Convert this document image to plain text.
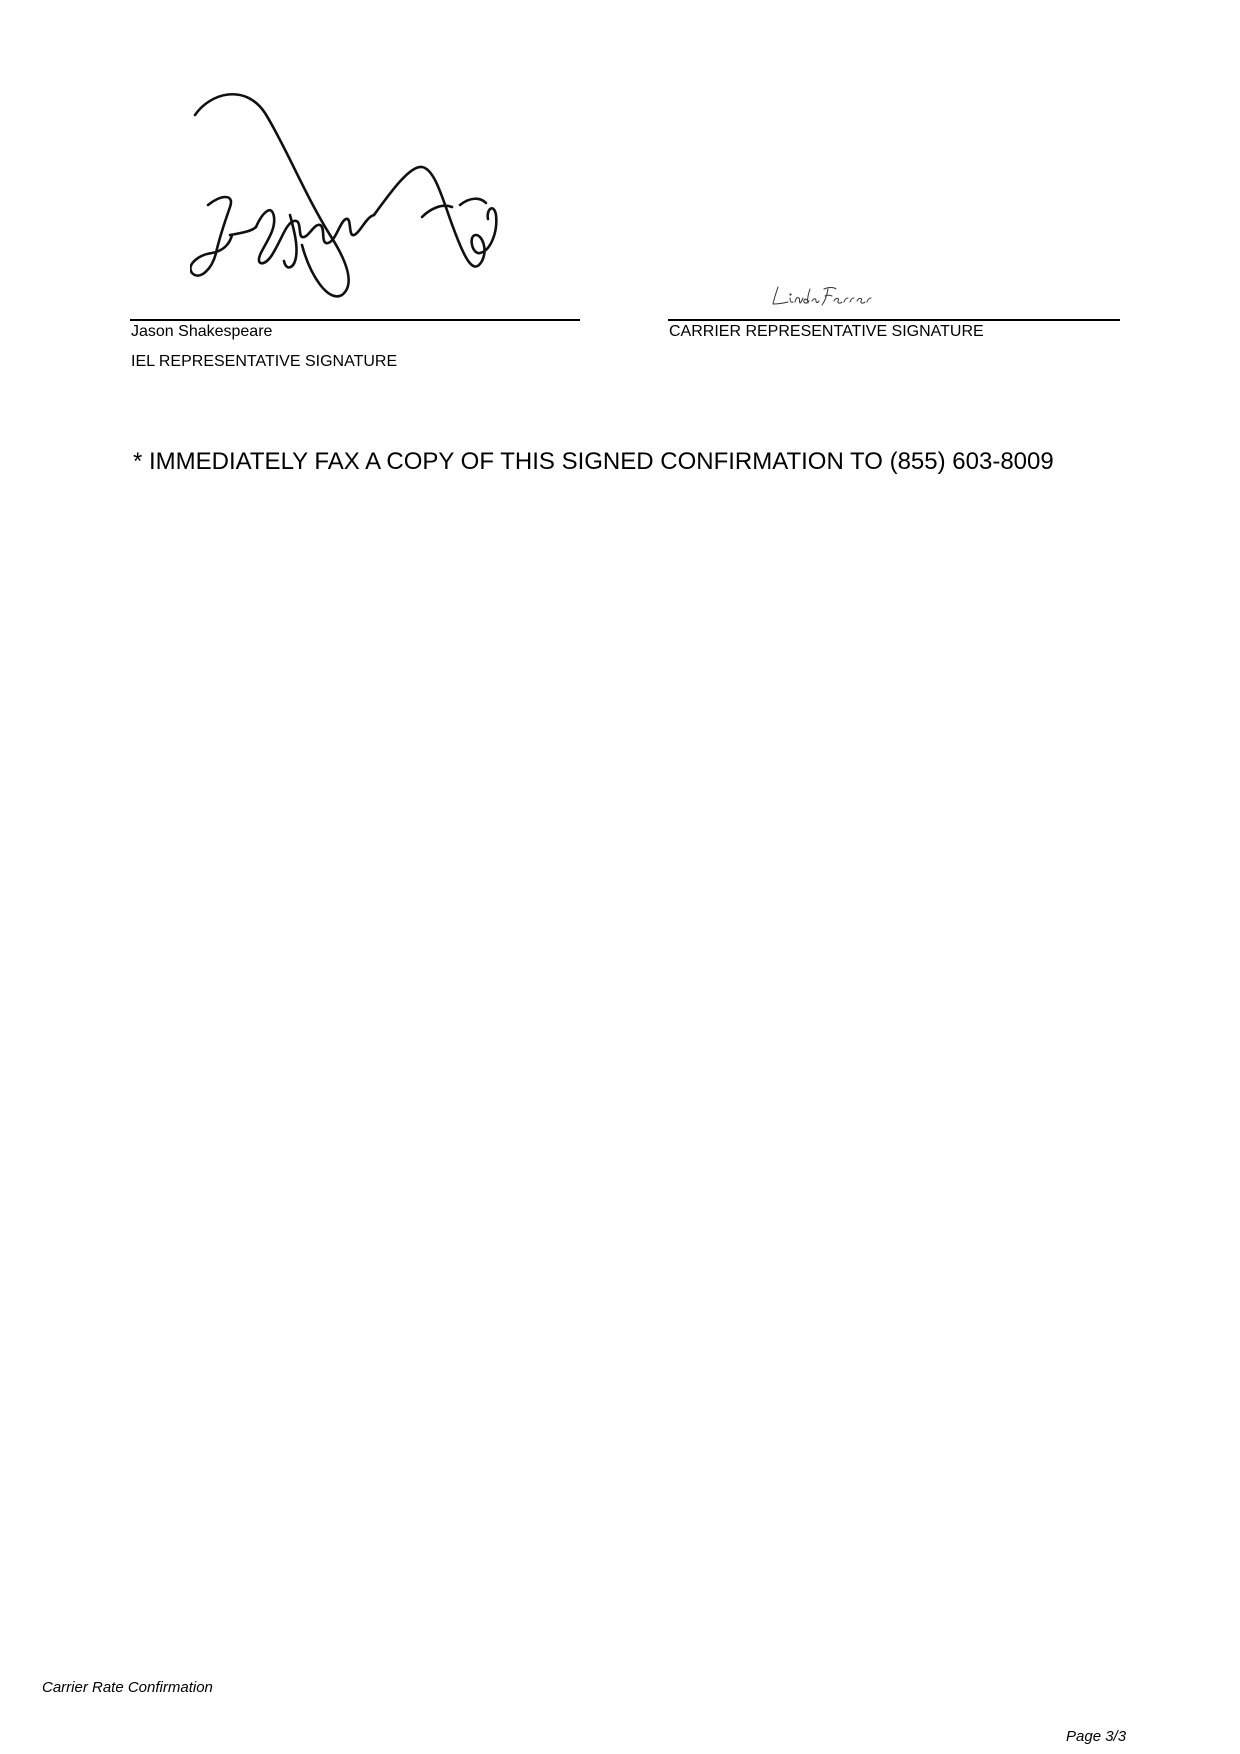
Jason Shakespeare
IEL REPRESENTATIVE SIGNATURE
CARRIER REPRESENTATIVE SIGNATURE
* IMMEDIATELY FAX A COPY OF THIS SIGNED CONFIRMATION TO (855) 603-8009
Carrier Rate Confirmation
Page 3/3
